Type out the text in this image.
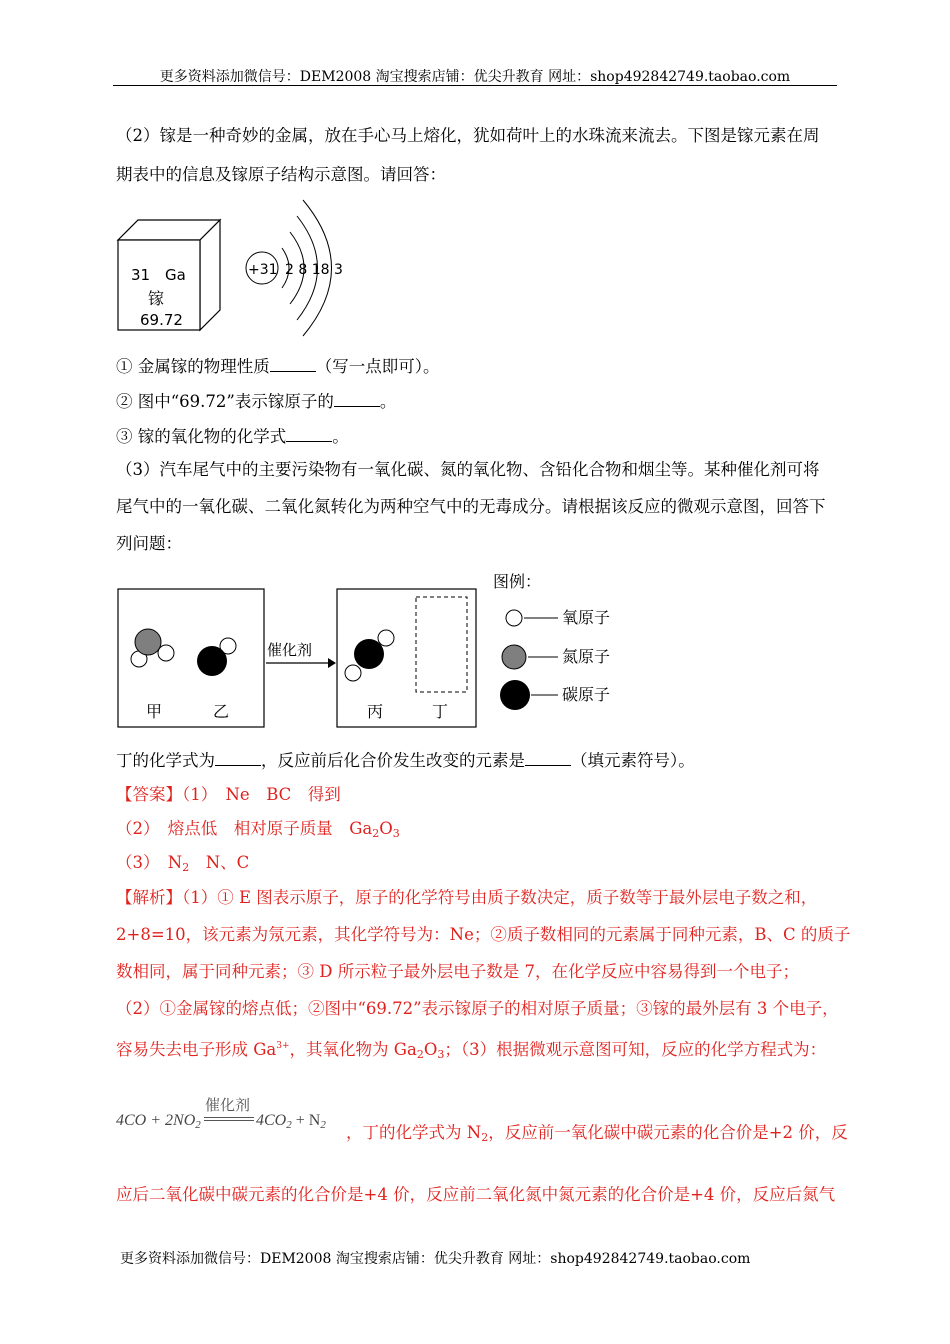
更多资料添加微信号：DEM2008 淘宝搜索店铺：优尖升教育 网址：shop492842749.taobao.com
（2）镓是一种奇妙的金属，放在手心马上熔化，犹如荷叶上的水珠流来流去。下图是镓元素在周
期表中的信息及镓原子结构示意图。请回答：
31 Ga
镓
69.72
+31 2 8 18 3
① 金属镓的物理性质	（写一点即可）。
② 图中“69.72”表示镓原子的	。
③ 镓的氧化物的化学式	。
（3）汽车尾气中的主要污染物有一氧化碳、氮的氧化物、含铅化合物和烟尘等。某种催化剂可将
尾气中的一氧化碳、二氧化氮转化为两种空气中的无毒成分。请根据该反应的微观示意图，回答下
列问题：
甲	乙
催化剂
丙	丁
图例：
氧原子
氮原子
碳原子
丁的化学式为	，反应前后化合价发生改变的元素是	（填元素符号）。
【答案】（1）　Ne　BC　得到
（2）　熔点低　相对原子质量　$Ga_2O_3$
（3）　$N_2$　N、C
【解析】（1）① E 图表示原子，原子的化学符号由质子数决定，质子数等于最外层电子数之和，
2+8=10，该元素为氖元素，其化学符号为：Ne；②质子数相同的元素属于同种元素，B、C 的质子
数相同，属于同种元素；③ D 所示粒子最外层电子数是 7，在化学反应中容易得到一个电子；
（2）①金属镓的熔点低；②图中“69.72”表示镓原子的相对原子质量；③镓的最外层有 3 个电子，
容易失去电子形成 $Ga^{3+}$，其氧化物为 $Ga_2O_3$；（3）根据微观示意图可知，反应的化学方程式为：
催化剂
$4CO + 2NO_2$	$4CO_2 + N_2$ ，丁的化学式为 $N_2$，反应前一氧化碳中碳元素的化合价是+2 价，反
应后二氧化碳中碳元素的化合价是+4 价，反应前二氧化氮中氮元素的化合价是+4 价，反应后氮气
更多资料添加微信号：DEM2008 淘宝搜索店铺：优尖升教育 网址：shop492842749.taobao.com
